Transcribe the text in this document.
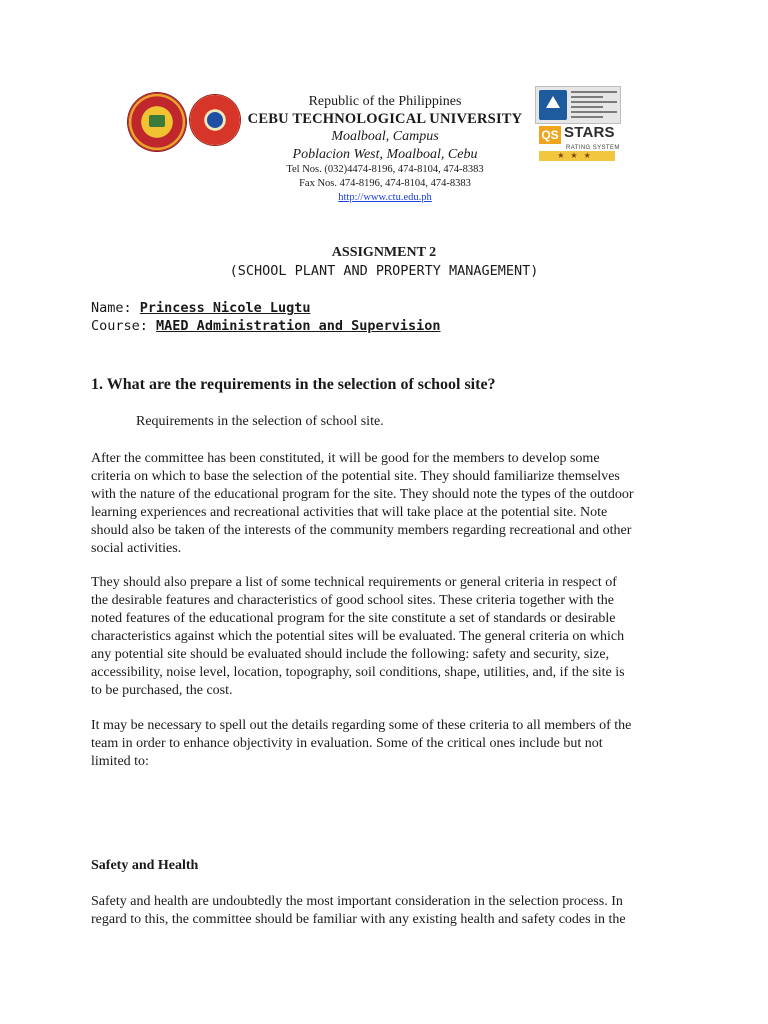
Republic of the Philippines
CEBU TECHNOLOGICAL UNIVERSITY
Moalboal, Campus
Poblacion West, Moalboal, Cebu
Tel Nos. (032)4474-8196, 474-8104, 474-8383
Fax Nos. 474-8196, 474-8104, 474-8383
http://www.ctu.edu.ph
QS STARS
RATING SYSTEM
★★★
ASSIGNMENT 2
(SCHOOL PLANT AND PROPERTY MANAGEMENT)
Name: Princess Nicole Lugtu
Course: MAED Administration and Supervision
1. What are the requirements in the selection of school site?
Requirements in the selection of school site.
After the committee has been constituted, it will be good for the members to develop some
criteria on which to base the selection of the potential site. They should familiarize themselves
with the nature of the educational program for the site. They should note the types of the outdoor
learning experiences and recreational activities that will take place at the potential site. Note
should also be taken of the interests of the community members regarding recreational and other
social activities.
They should also prepare a list of some technical requirements or general criteria in respect of
the desirable features and characteristics of good school sites. These criteria together with the
noted features of the educational program for the site constitute a set of standards or desirable
characteristics against which the potential sites will be evaluated. The general criteria on which
any potential site should be evaluated should include the following: safety and security, size,
accessibility, noise level, location, topography, soil conditions, shape, utilities, and, if the site is
to be purchased, the cost.
It may be necessary to spell out the details regarding some of these criteria to all members of the
team in order to enhance objectivity in evaluation. Some of the critical ones include but not
limited to:
Safety and Health
Safety and health are undoubtedly the most important consideration in the selection process. In
regard to this, the committee should be familiar with any existing health and safety codes in the
